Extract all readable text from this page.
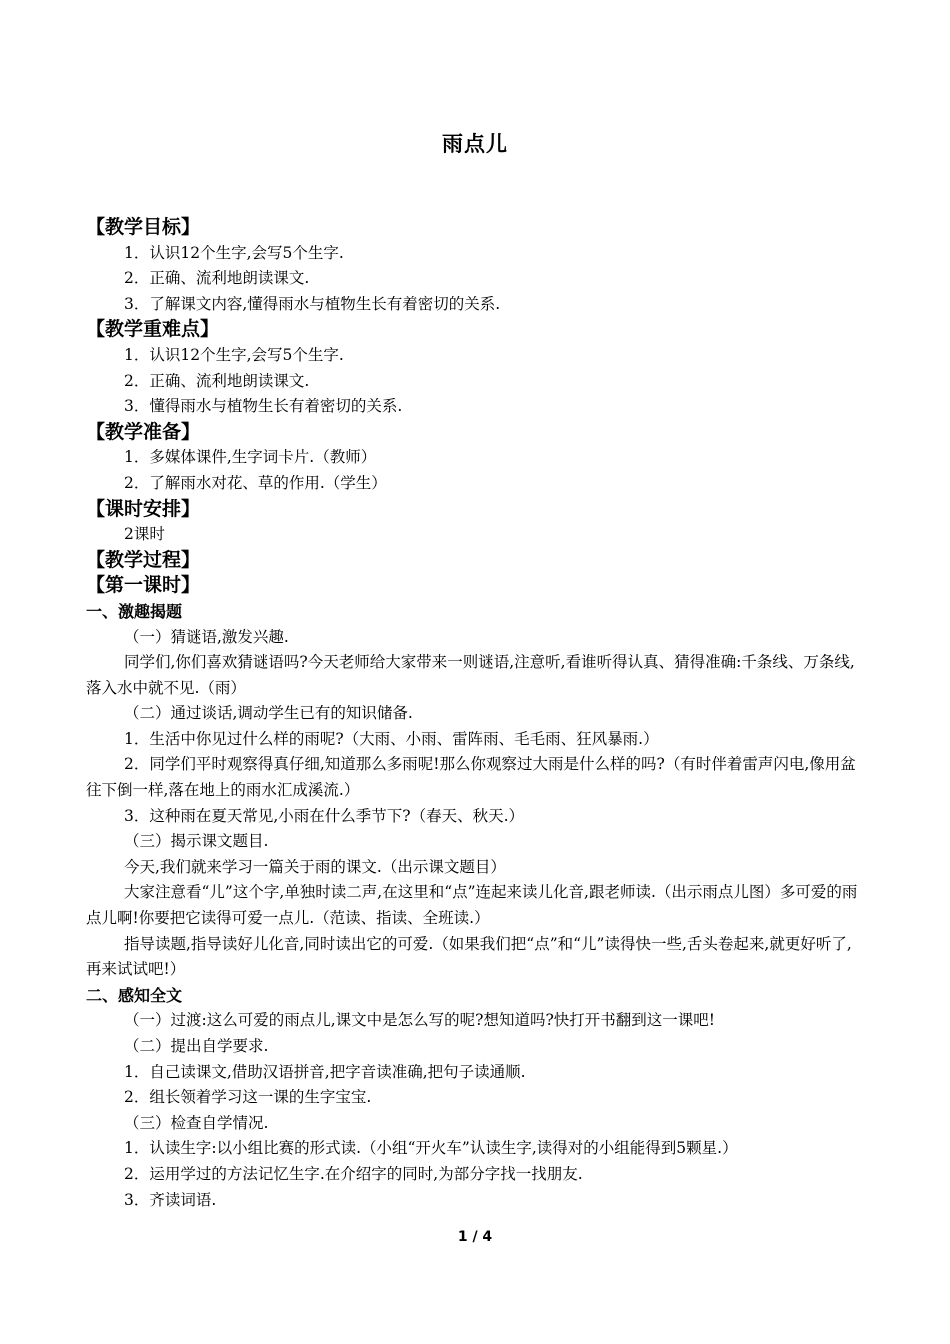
雨点儿
【教学目标】
1．认识12个生字,会写5个生字.
2．正确、流利地朗读课文.
3．了解课文内容,懂得雨水与植物生长有着密切的关系.
【教学重难点】
1．认识12个生字,会写5个生字.
2．正确、流利地朗读课文.
3．懂得雨水与植物生长有着密切的关系.
【教学准备】
1．多媒体课件,生字词卡片.（教师）
2．了解雨水对花、草的作用.（学生）
【课时安排】
2课时
【教学过程】
【第一课时】
一、激趣揭题
（一）猜谜语,激发兴趣.
同学们,你们喜欢猜谜语吗?今天老师给大家带来一则谜语,注意听,看谁听得认真、猜得准确:千条线、万条线,落入水中就不见.（雨）
（二）通过谈话,调动学生已有的知识储备.
1．生活中你见过什么样的雨呢?（大雨、小雨、雷阵雨、毛毛雨、狂风暴雨.）
2．同学们平时观察得真仔细,知道那么多雨呢!那么你观察过大雨是什么样的吗?（有时伴着雷声闪电,像用盆往下倒一样,落在地上的雨水汇成溪流.）
3．这种雨在夏天常见,小雨在什么季节下?（春天、秋天.）
（三）揭示课文题目.
今天,我们就来学习一篇关于雨的课文.（出示课文题目）
大家注意看“儿”这个字,单独时读二声,在这里和“点”连起来读儿化音,跟老师读.（出示雨点儿图）多可爱的雨点儿啊!你要把它读得可爱一点儿.（范读、指读、全班读.）
指导读题,指导读好儿化音,同时读出它的可爱.（如果我们把“点”和“儿”读得快一些,舌头卷起来,就更好听了,再来试试吧!）
二、感知全文
（一）过渡:这么可爱的雨点儿,课文中是怎么写的呢?想知道吗?快打开书翻到这一课吧!
（二）提出自学要求.
1．自己读课文,借助汉语拼音,把字音读准确,把句子读通顺.
2．组长领着学习这一课的生字宝宝.
（三）检查自学情况.
1．认读生字:以小组比赛的形式读.（小组“开火车”认读生字,读得对的小组能得到5颗星.）
2．运用学过的方法记忆生字.在介绍字的同时,为部分字找一找朋友.
3．齐读词语.
1 / 4
